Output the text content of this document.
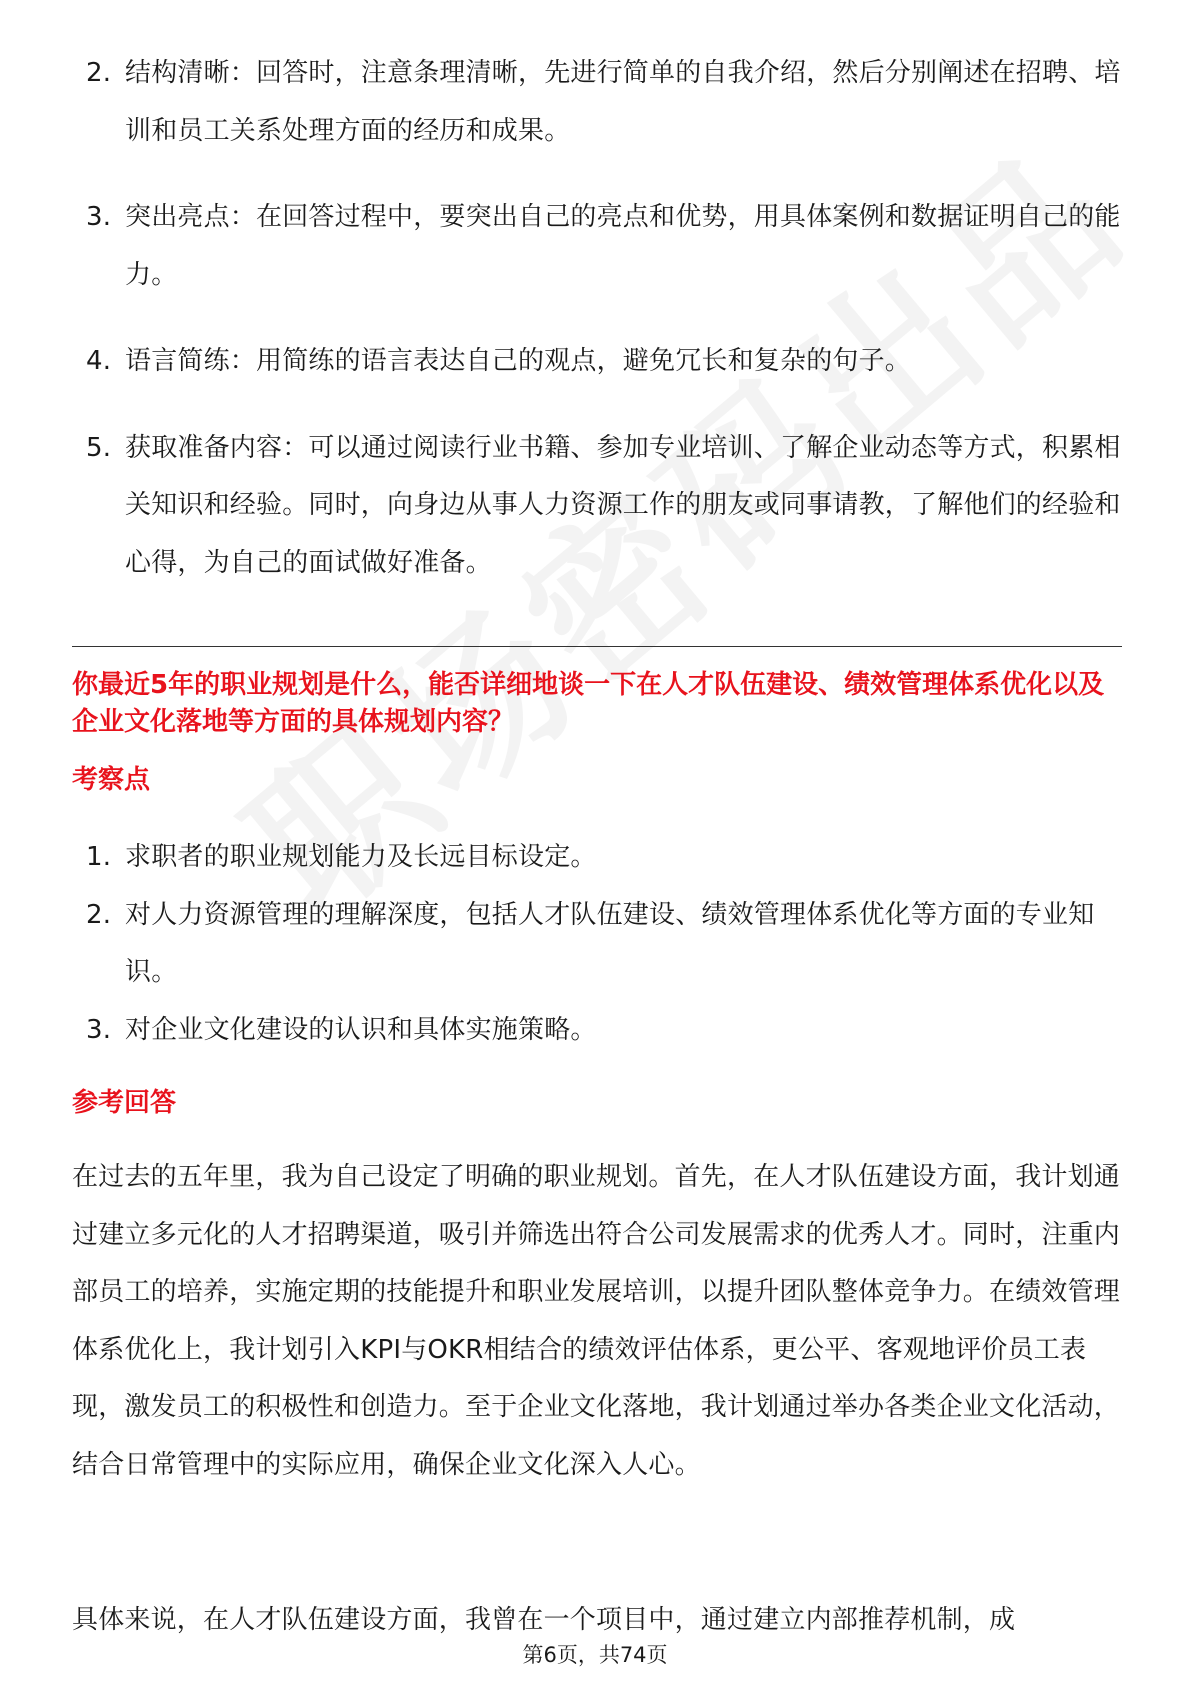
2. 结构清晰：回答时，注意条理清晰，先进行简单的自我介绍，然后分别阐述在招聘、培训和员工关系处理方面的经历和成果。
3. 突出亮点：在回答过程中，要突出自己的亮点和优势，用具体案例和数据证明自己的能力。
4. 语言简练：用简练的语言表达自己的观点，避免冗长和复杂的句子。
5. 获取准备内容：可以通过阅读行业书籍、参加专业培训、了解企业动态等方式，积累相关知识和经验。同时，向身边从事人力资源工作的朋友或同事请教，了解他们的经验和心得，为自己的面试做好准备。

你最近5年的职业规划是什么，能否详细地谈一下在人才队伍建设、绩效管理体系优化以及企业文化落地等方面的具体规划内容？

考察点

1. 求职者的职业规划能力及长远目标设定。
2. 对人力资源管理的理解深度，包括人才队伍建设、绩效管理体系优化等方面的专业知识。
3. 对企业文化建设的认识和具体实施策略。

参考回答

在过去的五年里，我为自己设定了明确的职业规划。首先，在人才队伍建设方面，我计划通过建立多元化的人才招聘渠道，吸引并筛选出符合公司发展需求的优秀人才。同时，注重内部员工的培养，实施定期的技能提升和职业发展培训，以提升团队整体竞争力。在绩效管理体系优化上，我计划引入KPI与OKR相结合的绩效评估体系，更公平、客观地评价员工表现，激发员工的积极性和创造力。至于企业文化落地，我计划通过举办各类企业文化活动，结合日常管理中的实际应用，确保企业文化深入人心。

具体来说，在人才队伍建设方面，我曾在一个项目中，通过建立内部推荐机制，成

第6页，共74页
